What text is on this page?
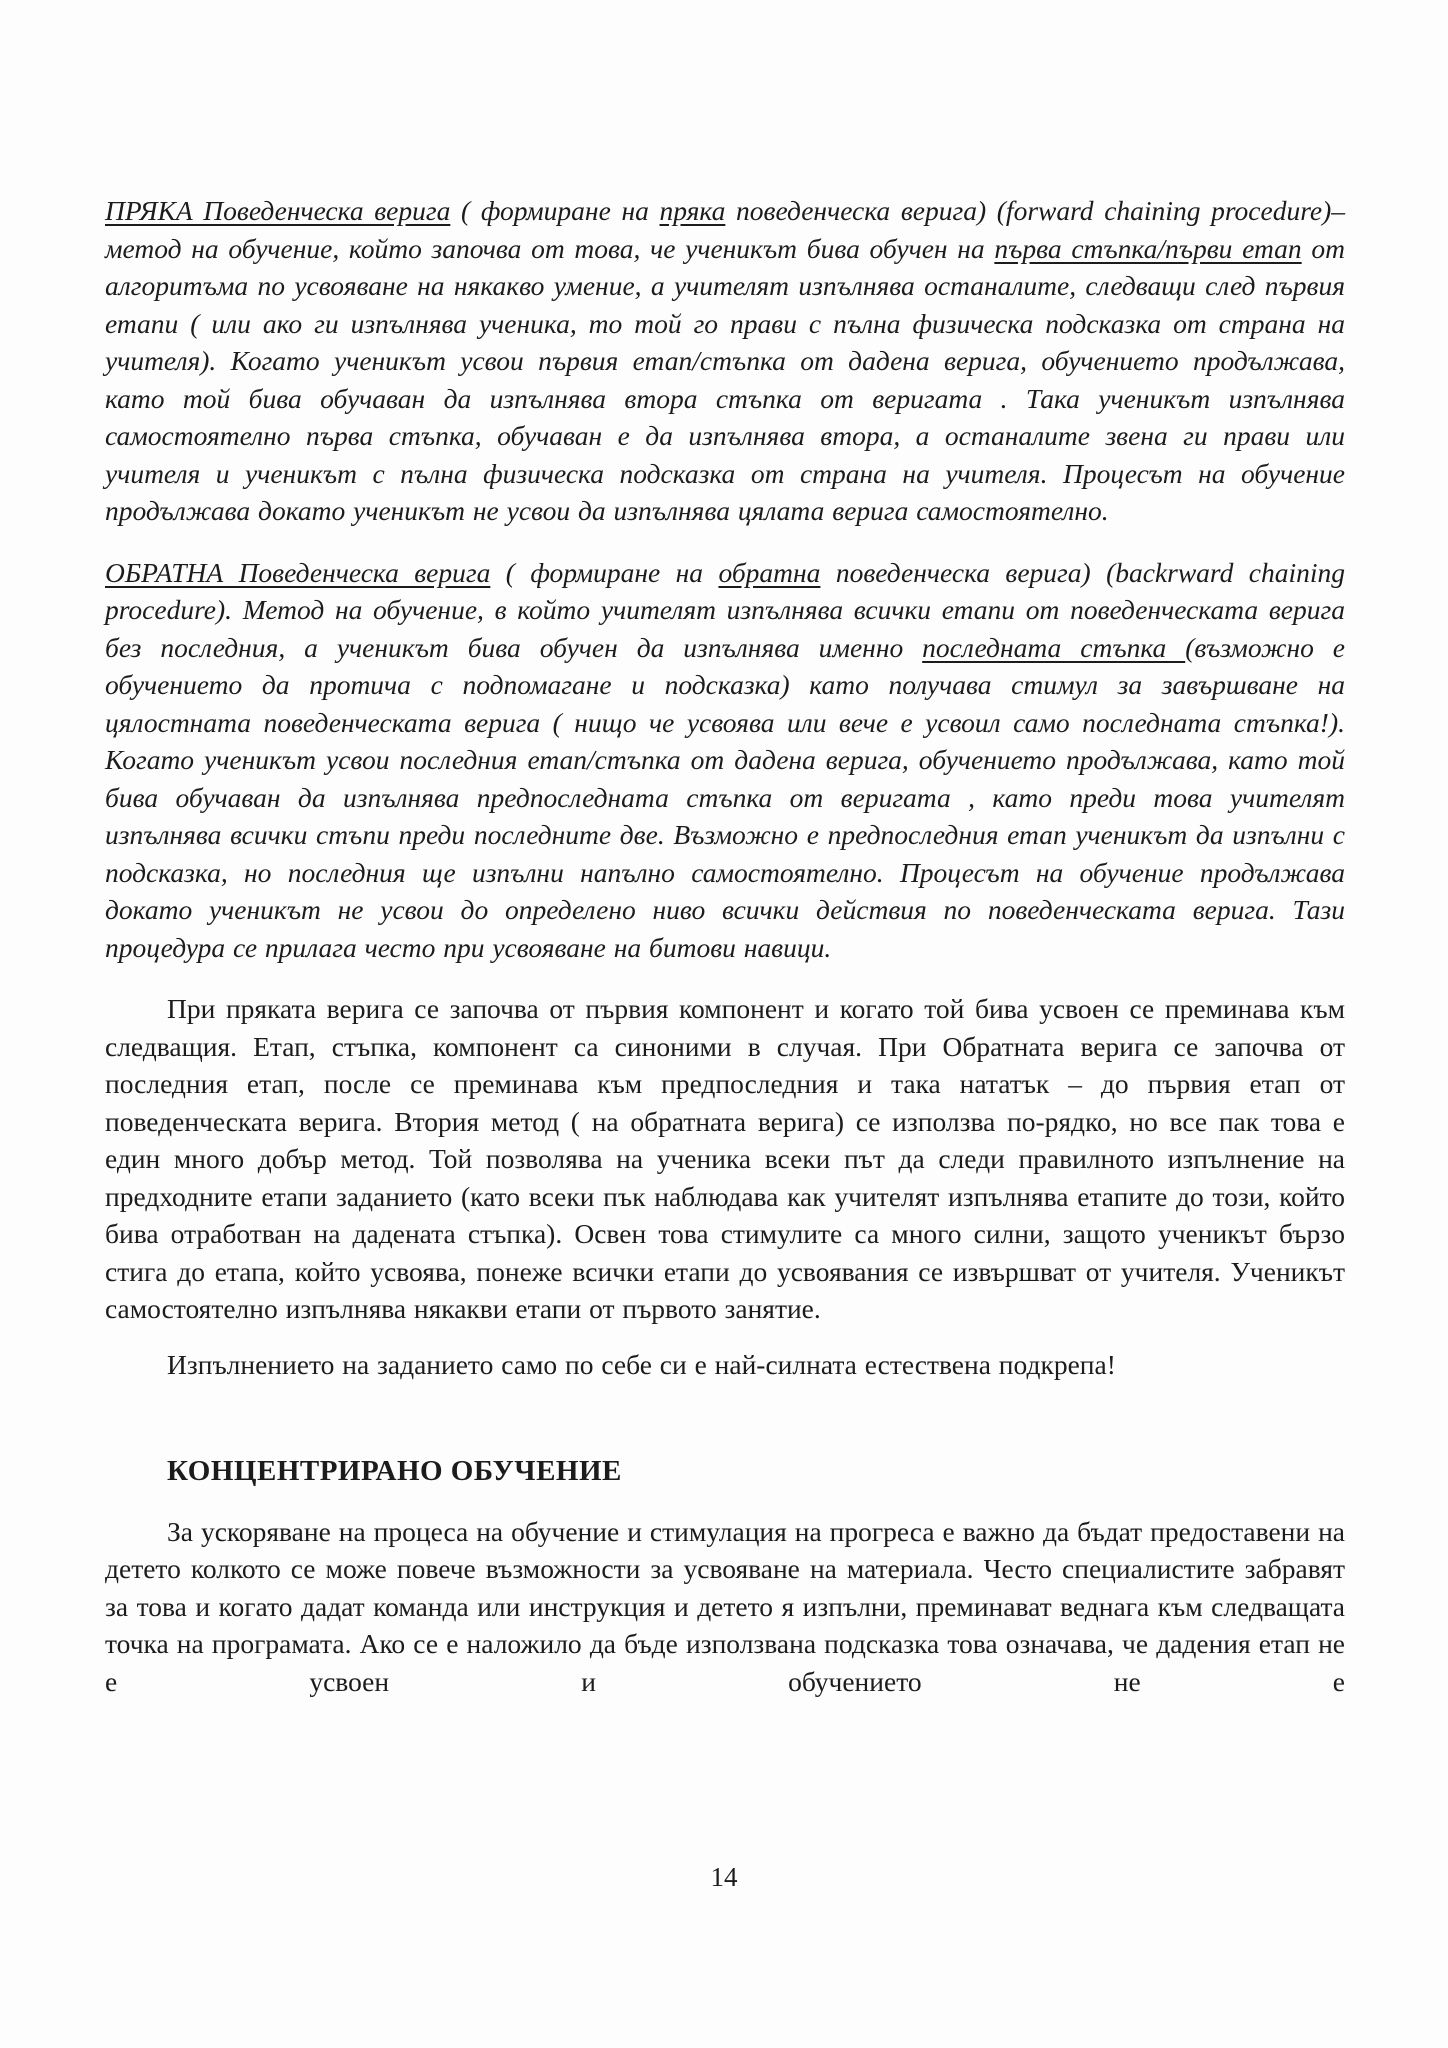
ПРЯКА Поведенческа верига ( формиране на пряка поведенческа верига) (forward chaining procedure)– метод на обучение, който започва от това, че ученикът бива обучен на първа стъпка/първи етап от алгоритъма по усвояване на някакво умение, а учителят изпълнява останалите, следващи след първия етапи ( или ако ги изпълнява ученика, то той го прави с пълна физическа подсказка от страна на учителя). Когато ученикът усвои първия етап/стъпка от дадена верига, обучението продължава, като той бива обучаван да изпълнява втора стъпка от веригата . Така ученикът изпълнява самостоятелно първа стъпка, обучаван е да изпълнява втора, а останалите звена ги прави или учителя и ученикът с пълна физическа подсказка от страна на учителя. Процесът на обучение продължава докато ученикът не усвои да изпълнява цялата верига самостоятелно.

ОБРАТНА Поведенческа верига ( формиране на обратна поведенческа верига) (backrward chaining procedure). Метод на обучение, в който учителят изпълнява всички етапи от поведенческата верига без последния, а ученикът бива обучен да изпълнява именно последната стъпка (възможно е обучението да протича с подпомагане и подсказка) като получава стимул за завършване на цялостната поведенческата верига ( нищо че усвоява или вече е усвоил само последната стъпка!). Когато ученикът усвои последния етап/стъпка от дадена верига, обучението продължава, като той бива обучаван да изпълнява предпоследната стъпка от веригата , като преди това учителят изпълнява всички стъпи преди последните две. Възможно е предпоследния етап ученикът да изпълни с подсказка, но последния ще изпълни напълно самостоятелно. Процесът на обучение продължава докато ученикът не усвои до определено ниво всички действия по поведенческата верига. Тази процедура се прилага често при усвояване на битови навици.

При пряката верига се започва от първия компонент и когато той бива усвоен се преминава към следващия. Етап, стъпка, компонент са синоними в случая. При Обратната верига се започва от последния етап, после се преминава към предпоследния и така нататък – до първия етап от поведенческата верига. Втория метод ( на обратната верига) се използва по-рядко, но все пак това е един много добър метод. Той позволява на ученика всеки път да следи правилното изпълнение на предходните етапи заданието (като всеки пък наблюдава как учителят изпълнява етапите до този, който бива отработван на дадената стъпка). Освен това стимулите са много силни, защото ученикът бързо стига до етапа, който усвоява, понеже всички етапи до усвоявания се извършват от учителя. Ученикът самостоятелно изпълнява някакви етапи от първото занятие.

Изпълнението на заданието само по себе си е най-силната естествена подкрепа!

КОНЦЕНТРИРАНО ОБУЧЕНИЕ

За ускоряване на процеса на обучение и стимулация на прогреса е важно да бъдат предоставени на детето колкото се може повече възможности за усвояване на материала. Често специалистите забравят за това и когато дадат команда или инструкция и детето я изпълни, преминават веднага към следващата точка на програмата. Ако се е наложило да бъде използвана подсказка това означава, че дадения етап не е усвоен и обучението не е

14
